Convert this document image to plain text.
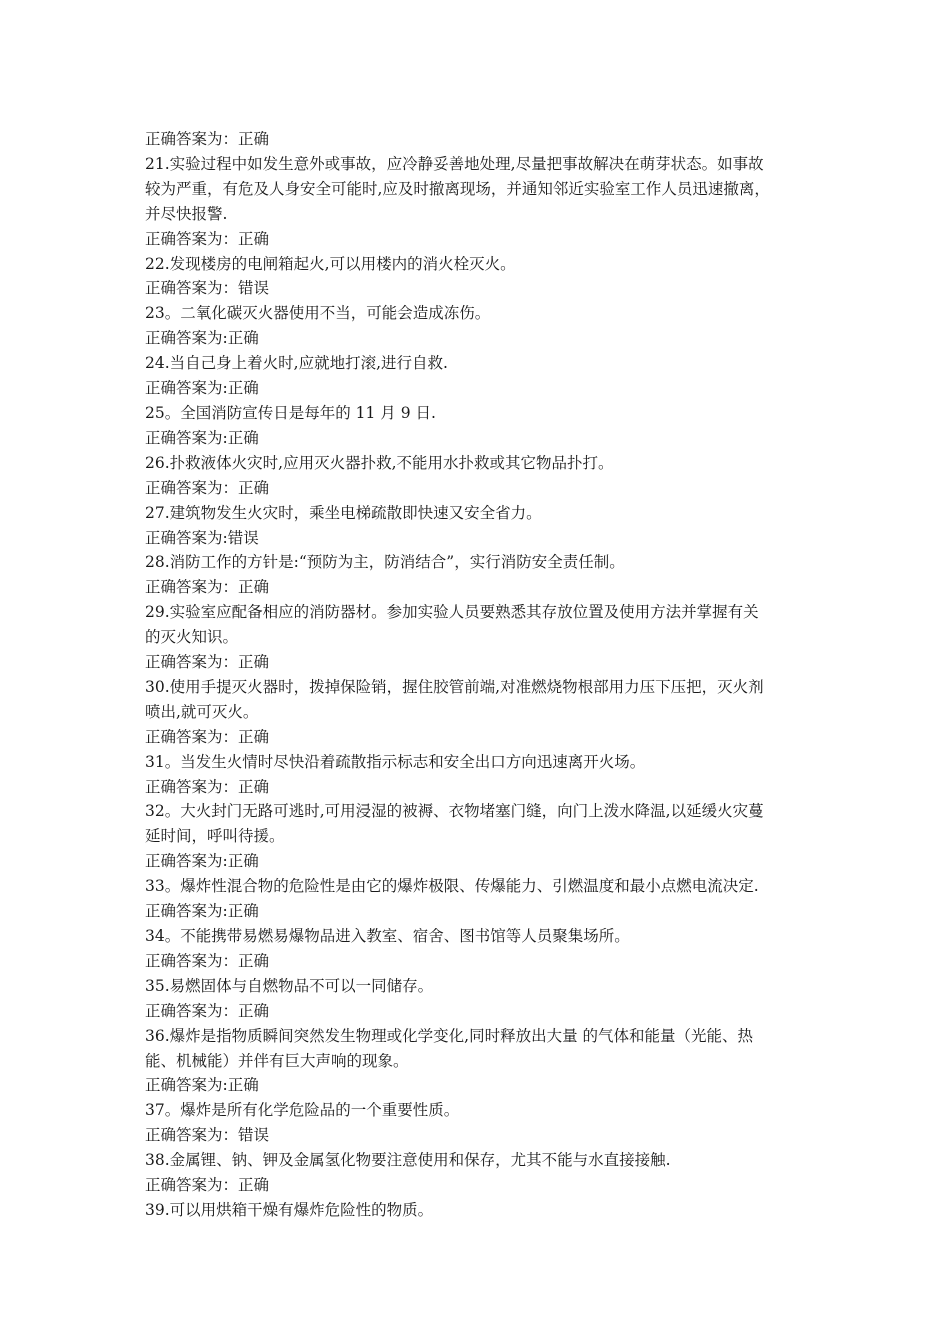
正确答案为：正确

21.实验过程中如发生意外或事故，应冷静妥善地处理,尽量把事故解决在萌芽状态。如事故

较为严重，有危及人身安全可能时,应及时撤离现场，并通知邻近实验室工作人员迅速撤离，

并尽快报警.

正确答案为：正确

22.发现楼房的电闸箱起火,可以用楼内的消火栓灭火。

正确答案为：错误

23。二氧化碳灭火器使用不当，可能会造成冻伤。

正确答案为:正确

24.当自己身上着火时,应就地打滚,进行自救.

正确答案为:正确

25。全国消防宣传日是每年的 11 月 9 日.

正确答案为:正确

26.扑救液体火灾时,应用灭火器扑救,不能用水扑救或其它物品扑打。

正确答案为：正确

27.建筑物发生火灾时，乘坐电梯疏散即快速又安全省力。

正确答案为:错误

28.消防工作的方针是:“预防为主，防消结合”，实行消防安全责任制。

正确答案为：正确

29.实验室应配备相应的消防器材。参加实验人员要熟悉其存放位置及使用方法并掌握有关

的灭火知识。

正确答案为：正确

30.使用手提灭火器时，拨掉保险销，握住胶管前端,对准燃烧物根部用力压下压把，灭火剂

喷出,就可灭火。

正确答案为：正确

31。当发生火情时尽快沿着疏散指示标志和安全出口方向迅速离开火场。

正确答案为：正确

32。大火封门无路可逃时,可用浸湿的被褥、衣物堵塞门缝，向门上泼水降温,以延缓火灾蔓

延时间，呼叫待援。

正确答案为:正确

33。爆炸性混合物的危险性是由它的爆炸极限、传爆能力、引燃温度和最小点燃电流决定.

正确答案为:正确

34。不能携带易燃易爆物品进入教室、宿舍、图书馆等人员聚集场所。

正确答案为：正确

35.易燃固体与自燃物品不可以一同储存。

正确答案为：正确

36.爆炸是指物质瞬间突然发生物理或化学变化,同时释放出大量 的气体和能量（光能、热

能、机械能）并伴有巨大声响的现象。

正确答案为:正确

37。爆炸是所有化学危险品的一个重要性质。

正确答案为：错误

38.金属锂、钠、钾及金属氢化物要注意使用和保存，尤其不能与水直接接触.

正确答案为：正确

39.可以用烘箱干燥有爆炸危险性的物质。
